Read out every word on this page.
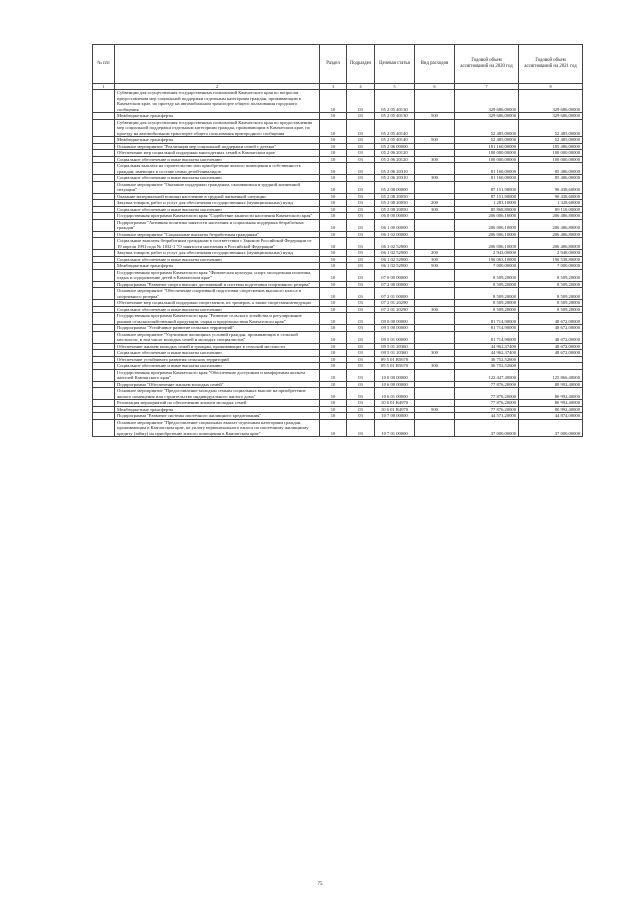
№ п/п		Раздел	Подраздел	Целевая статья	Вид расходов	Годовой объем ассигнований на 2020 год	Годовой объем ассигнований на 2021 год
1	2	3	4	5	6	7	8
	Субвенции для осуществления государственных полномочий Камчатского края по вопросам предоставления мер социальной поддержки отдельным категориям граждан, проживающим в Камчатском крае, по проезду на автомобильном транспорте общего пользования городского сообщения	10	03	05 2 05 40130		329 686,00000	329 686,00000
	Межбюджетные трансферты	10	03	05 2 05 40130	500	329 686,00000	329 686,00000
	Субвенции для осуществления государственных полномочий Камчатского края по предоставлению мер социальной поддержки отдельным категориям граждан, проживающим в Камчатском крае, по проезду на автомобильном транспорте общего пользования пригородного сообщения	10	03	05 2 05 40140		52 485,00000	52 485,00000
	Межбюджетные трансферты	10	03	05 2 05 40140	500	52 485,00000	52 485,00000
	Основное мероприятие "Реализация мер социальной поддержки семей с детьми"	10	03	05 2 06 00000		181 160,00000	185 486,00000
	Обеспечение мер социальной поддержки многодетных семей в Камчатском крае	10	03	05 2 06 20120		100 000,00000	100 000,00000
	Социальное обеспечение и иные выплаты населению	10	03	05 2 06 20120	300	100 000,00000	100 000,00000
	Социальная выплата на строительство или приобретение жилого помещения в собственность граждан, имеющих в составе семьи детей-инвалидов	10	03	05 2 06 20310		81 160,00000	85 486,00000
	Социальное обеспечение и иные выплаты населению	10	03	05 2 06 20310	300	81 160,00000	85 486,00000
	Основное мероприятие "Оказание поддержки гражданам, оказавшимся в трудной жизненной ситуации"	10	03	05 2 08 00000		87 151,90000	90 438,60000
	Оказание материальной помощи населению в трудной жизненной ситуации	10	03	05 2 08 20050		87 151,90000	90 438,60000
	Закупка товаров, работ и услуг для обеспечения государственных (муниципальных) нужд	10	03	05 2 08 20050	200	1 283,10000	1 328,60000
	Социальное обеспечение и иные выплаты населению	10	03	05 2 08 20050	300	85 868,80000	89 110,00000
	Государственная программа Камчатского края "Содействие занятости населения Камчатского края"	10	03	06 0 00 00000		206 006,10000	206 486,80000
	Подпрограмма "Активная политика занятости населения и социальная поддержка безработных граждан"	10	03	06 1 00 00000		206 006,10000	206 486,80000
	Основное мероприятие "Социальные выплаты безработным гражданам"	10	03	06 1 02 00000		206 006,10000	206 486,80000
	Социальные выплаты безработным гражданам в соответствии с Законом Российской Федерации от 19 апреля 1991 года № 1032-1 "О занятости населения в Российской Федерации"	10	03	06 1 02 52900		206 006,10000	206 486,80000
	Закупка товаров, работ и услуг для обеспечения государственных (муниципальных) нужд	10	03	06 1 02 52900	200	2 943,00000	2 948,00000
	Социальное обеспечение и иные выплаты населению	10	03	06 1 02 52900	300	196 063,10000	196 538,80000
	Межбюджетные трансферты	10	03	06 1 02 52900	500	7 000,00000	7 000,00000
	Государственная программа Камчатского края "Физическая культура, спорт, молодежная политика, отдых и оздоровление детей в Камчатском крае"	10	03	07 0 00 00000		8 509,20000	8 509,20000
	Подпрограмма "Развитие спорта высших достижений и системы подготовки спортивного резерва"	10	03	07 2 00 00000		8 509,20000	8 509,20000
	Основное мероприятие "Обеспечение спортивной подготовки спортсменов высокого класса и спортивного резерва"	10	03	07 2 01 00000		8 509,20000	8 509,20000
	Обеспечение мер социальной поддержки спортсменов, их тренеров, а также спортсменов-ведущих	10	03	07 2 01 20290		8 509,20000	8 509,20000
	Социальное обеспечение и иные выплаты населению	10	03	07 2 01 20290	300	8 509,20000	8 509,20000
	Государственная программа Камчатского края "Развитие сельского хозяйства и регулирование рынков сельскохозяйственной продукции, сырья и продовольствия Камчатского края"	10	03	09 0 00 00000		81 714,90000	48 672,00000
	Подпрограмма "Устойчивое развитие сельских территорий"	10	03	09 5 00 00000		81 714,90000	48 672,00000
	Основное мероприятие "Улучшение жилищных условий граждан, проживающих в сельской местности, в том числе молодых семей и молодых специалистов"	10	03	09 5 01 00000		81 714,90000	48 672,00000
	Обеспечение жильем молодых семей и граждан, проживающих в сельской местности	10	03	09 5 01 20360		44 962,37400	48 672,00000
	Социальное обеспечение и иные выплаты населению	10	03	09 5 01 20360	300	44 962,37400	48 672,00000
	Обеспечение устойчивого развития сельских территорий	10	03	09 5 01 R5670		36 752,52600	
	Социальное обеспечение и иные выплаты населению	10	03	09 5 01 R5670	300	36 752,52600	
	Государственная программа Камчатского края "Обеспечение доступным и комфортным жильем жителей Камчатского края"	10	03	10 0 00 00000		122 447,40000	125 866,40000
	Подпрограмма "Обеспечение жильем молодых семей"	10	03	10 6 00 00000		77 876,20000	80 992,40000
	Основное мероприятие "Предоставление молодым семьям социальных выплат на приобретение жилого помещения или строительство индивидуального жилого дома"	10	03	10 6 01 00000		77 876,20000	80 992,40000
	Реализация мероприятий по обеспечению жильем молодых семей	10	03	10 6 01 R4970		77 876,20000	80 992,40000
	Межбюджетные трансферты	10	03	10 6 01 R4970	500	77 876,20000	80 992,40000
	Подпрограмма "Развитие системы ипотечного жилищного кредитования"	10	03	10 7 00 00000		44 571,20000	44 874,00000
	Основное мероприятие "Предоставление социальных выплат отдельным категориям граждан, проживающим в Камчатском крае, на уплату первоначального взноса по ипотечному жилищному кредиту (займу) на приобретение жилого помещения в Камчатском крае"	10	03	10 7 01 00000		37 000,00000	37 000,00000
75
